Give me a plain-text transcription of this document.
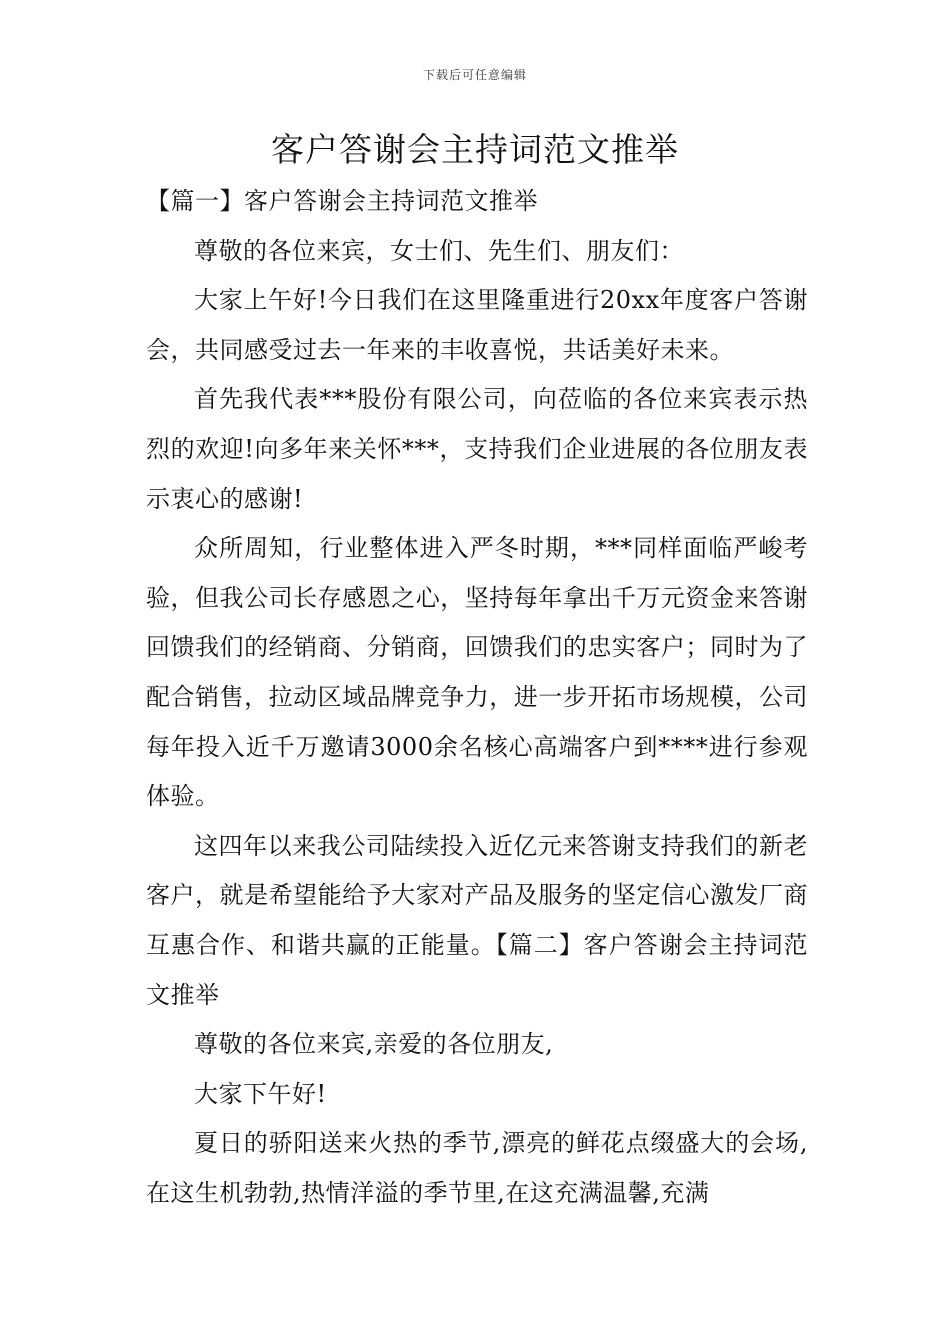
下载后可任意编辑
客户答谢会主持词范文推举

【篇一】客户答谢会主持词范文推举

尊敬的各位来宾，女士们、先生们、朋友们：

大家上午好!今日我们在这里隆重进行20xx年度客户答谢会，共同感受过去一年来的丰收喜悦，共话美好未来。

首先我代表***股份有限公司，向莅临的各位来宾表示热烈的欢迎!向多年来关怀***，支持我们企业进展的各位朋友表示衷心的感谢!

众所周知，行业整体进入严冬时期，***同样面临严峻考验，但我公司长存感恩之心，坚持每年拿出千万元资金来答谢回馈我们的经销商、分销商，回馈我们的忠实客户；同时为了配合销售，拉动区域品牌竞争力，进一步开拓市场规模，公司每年投入近千万邀请3000余名核心高端客户到****进行参观体验。

这四年以来我公司陆续投入近亿元来答谢支持我们的新老客户，就是希望能给予大家对产品及服务的坚定信心激发厂商互惠合作、和谐共赢的正能量。【篇二】客户答谢会主持词范文推举

尊敬的各位来宾,亲爱的各位朋友,

大家下午好!

夏日的骄阳送来火热的季节,漂亮的鲜花点缀盛大的会场,在这生机勃勃,热情洋溢的季节里,在这充满温馨,充满
